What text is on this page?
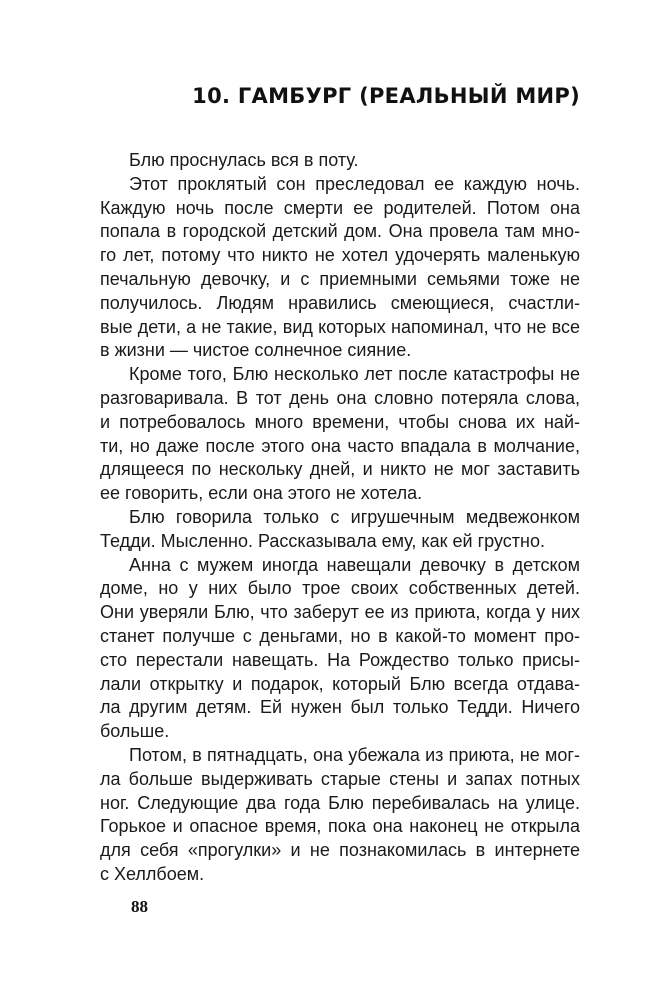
10. ГАМБУРГ (РЕАЛЬНЫЙ МИР)
Блю проснулась вся в поту.
Этот проклятый сон преследовал ее каждую ночь.
Каждую ночь после смерти ее родителей. Потом она
попала в городской детский дом. Она провела там мно-
го лет, потому что никто не хотел удочерять маленькую
печальную девочку, и с приемными семьями тоже не
получилось. Людям нравились смеющиеся, счастли-
вые дети, а не такие, вид которых напоминал, что не все
в жизни — чистое солнечное сияние.
Кроме того, Блю несколько лет после катастрофы не
разговаривала. В тот день она словно потеряла слова,
и потребовалось много времени, чтобы снова их най-
ти, но даже после этого она часто впадала в молчание,
длящееся по нескольку дней, и никто не мог заставить
ее говорить, если она этого не хотела.
Блю говорила только с игрушечным медвежонком
Тедди. Мысленно. Рассказывала ему, как ей грустно.
Анна с мужем иногда навещали девочку в детском
доме, но у них было трое своих собственных детей.
Они уверяли Блю, что заберут ее из приюта, когда у них
станет получше с деньгами, но в какой-то момент про-
сто перестали навещать. На Рождество только присы-
лали открытку и подарок, который Блю всегда отдава-
ла другим детям. Ей нужен был только Тедди. Ничего
больше.
Потом, в пятнадцать, она убежала из приюта, не мог-
ла больше выдерживать старые стены и запах потных
ног. Следующие два года Блю перебивалась на улице.
Горькое и опасное время, пока она наконец не открыла
для себя «прогулки» и не познакомилась в интернете
с Хеллбоем.
88
